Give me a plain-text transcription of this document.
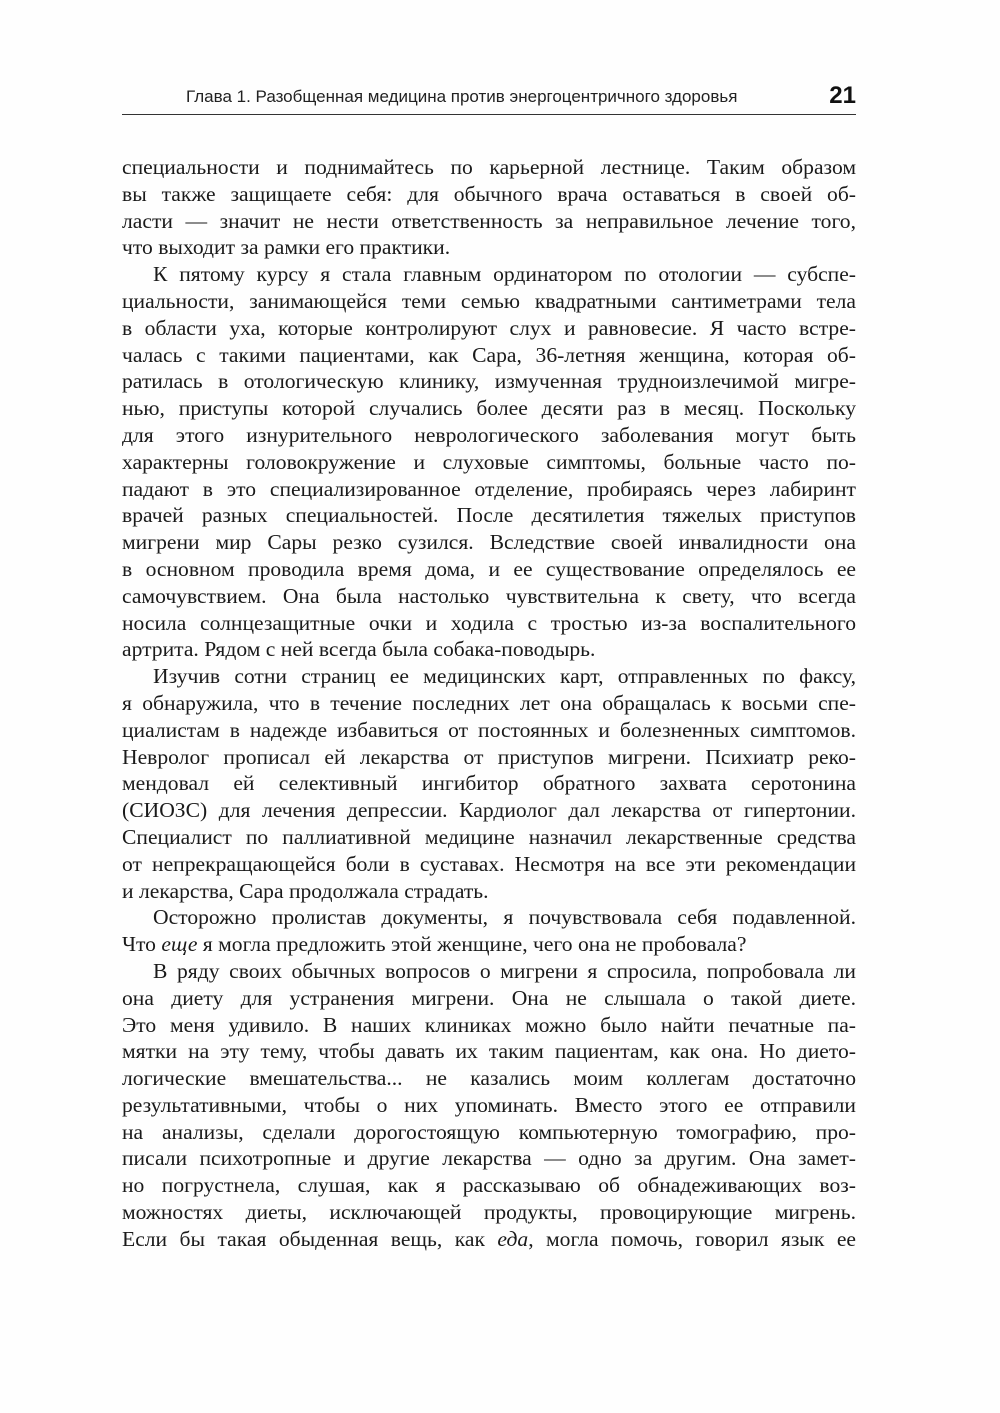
Глава 1. Разобщенная медицина против энергоцентричного здоровья	21
специальности и поднимайтесь по карьерной лестнице. Таким образом
вы также защищаете себя: для обычного врача оставаться в своей об-
ласти — значит не нести ответственность за неправильное лечение того,
что выходит за рамки его практики.
К пятому курсу я стала главным ординатором по отологии — субспе-
циальности, занимающейся теми семью квадратными сантиметрами тела
в области уха, которые контролируют слух и равновесие. Я часто встре-
чалась с такими пациентами, как Сара, 36-летняя женщина, которая об-
ратилась в отологическую клинику, измученная трудноизлечимой мигре-
нью, приступы которой случались более десяти раз в месяц. Поскольку
для этого изнурительного неврологического заболевания могут быть
характерны головокружение и слуховые симптомы, больные часто по-
падают в это специализированное отделение, пробираясь через лабиринт
врачей разных специальностей. После десятилетия тяжелых приступов
мигрени мир Сары резко сузился. Вследствие своей инвалидности она
в основном проводила время дома, и ее существование определялось ее
самочувствием. Она была настолько чувствительна к свету, что всегда
носила солнцезащитные очки и ходила с тростью из-за воспалительного
артрита. Рядом с ней всегда была собака-поводырь.
Изучив сотни страниц ее медицинских карт, отправленных по факсу,
я обнаружила, что в течение последних лет она обращалась к восьми спе-
циалистам в надежде избавиться от постоянных и болезненных симптомов.
Невролог прописал ей лекарства от приступов мигрени. Психиатр реко-
мендовал ей селективный ингибитор обратного захвата серотонина
(СИОЗС) для лечения депрессии. Кардиолог дал лекарства от гипертонии.
Специалист по паллиативной медицине назначил лекарственные средства
от непрекращающейся боли в суставах. Несмотря на все эти рекомендации
и лекарства, Сара продолжала страдать.
Осторожно пролистав документы, я почувствовала себя подавленной.
Что еще я могла предложить этой женщине, чего она не пробовала?
В ряду своих обычных вопросов о мигрени я спросила, попробовала ли
она диету для устранения мигрени. Она не слышала о такой диете.
Это меня удивило. В наших клиниках можно было найти печатные па-
мятки на эту тему, чтобы давать их таким пациентам, как она. Но дието-
логические вмешательства... не казались моим коллегам достаточно
результативными, чтобы о них упоминать. Вместо этого ее отправили
на анализы, сделали дорогостоящую компьютерную томографию, про-
писали психотропные и другие лекарства — одно за другим. Она замет-
но погрустнела, слушая, как я рассказываю об обнадеживающих воз-
можностях диеты, исключающей продукты, провоцирующие мигрень.
Если бы такая обыденная вещь, как еда, могла помочь, говорил язык ее
